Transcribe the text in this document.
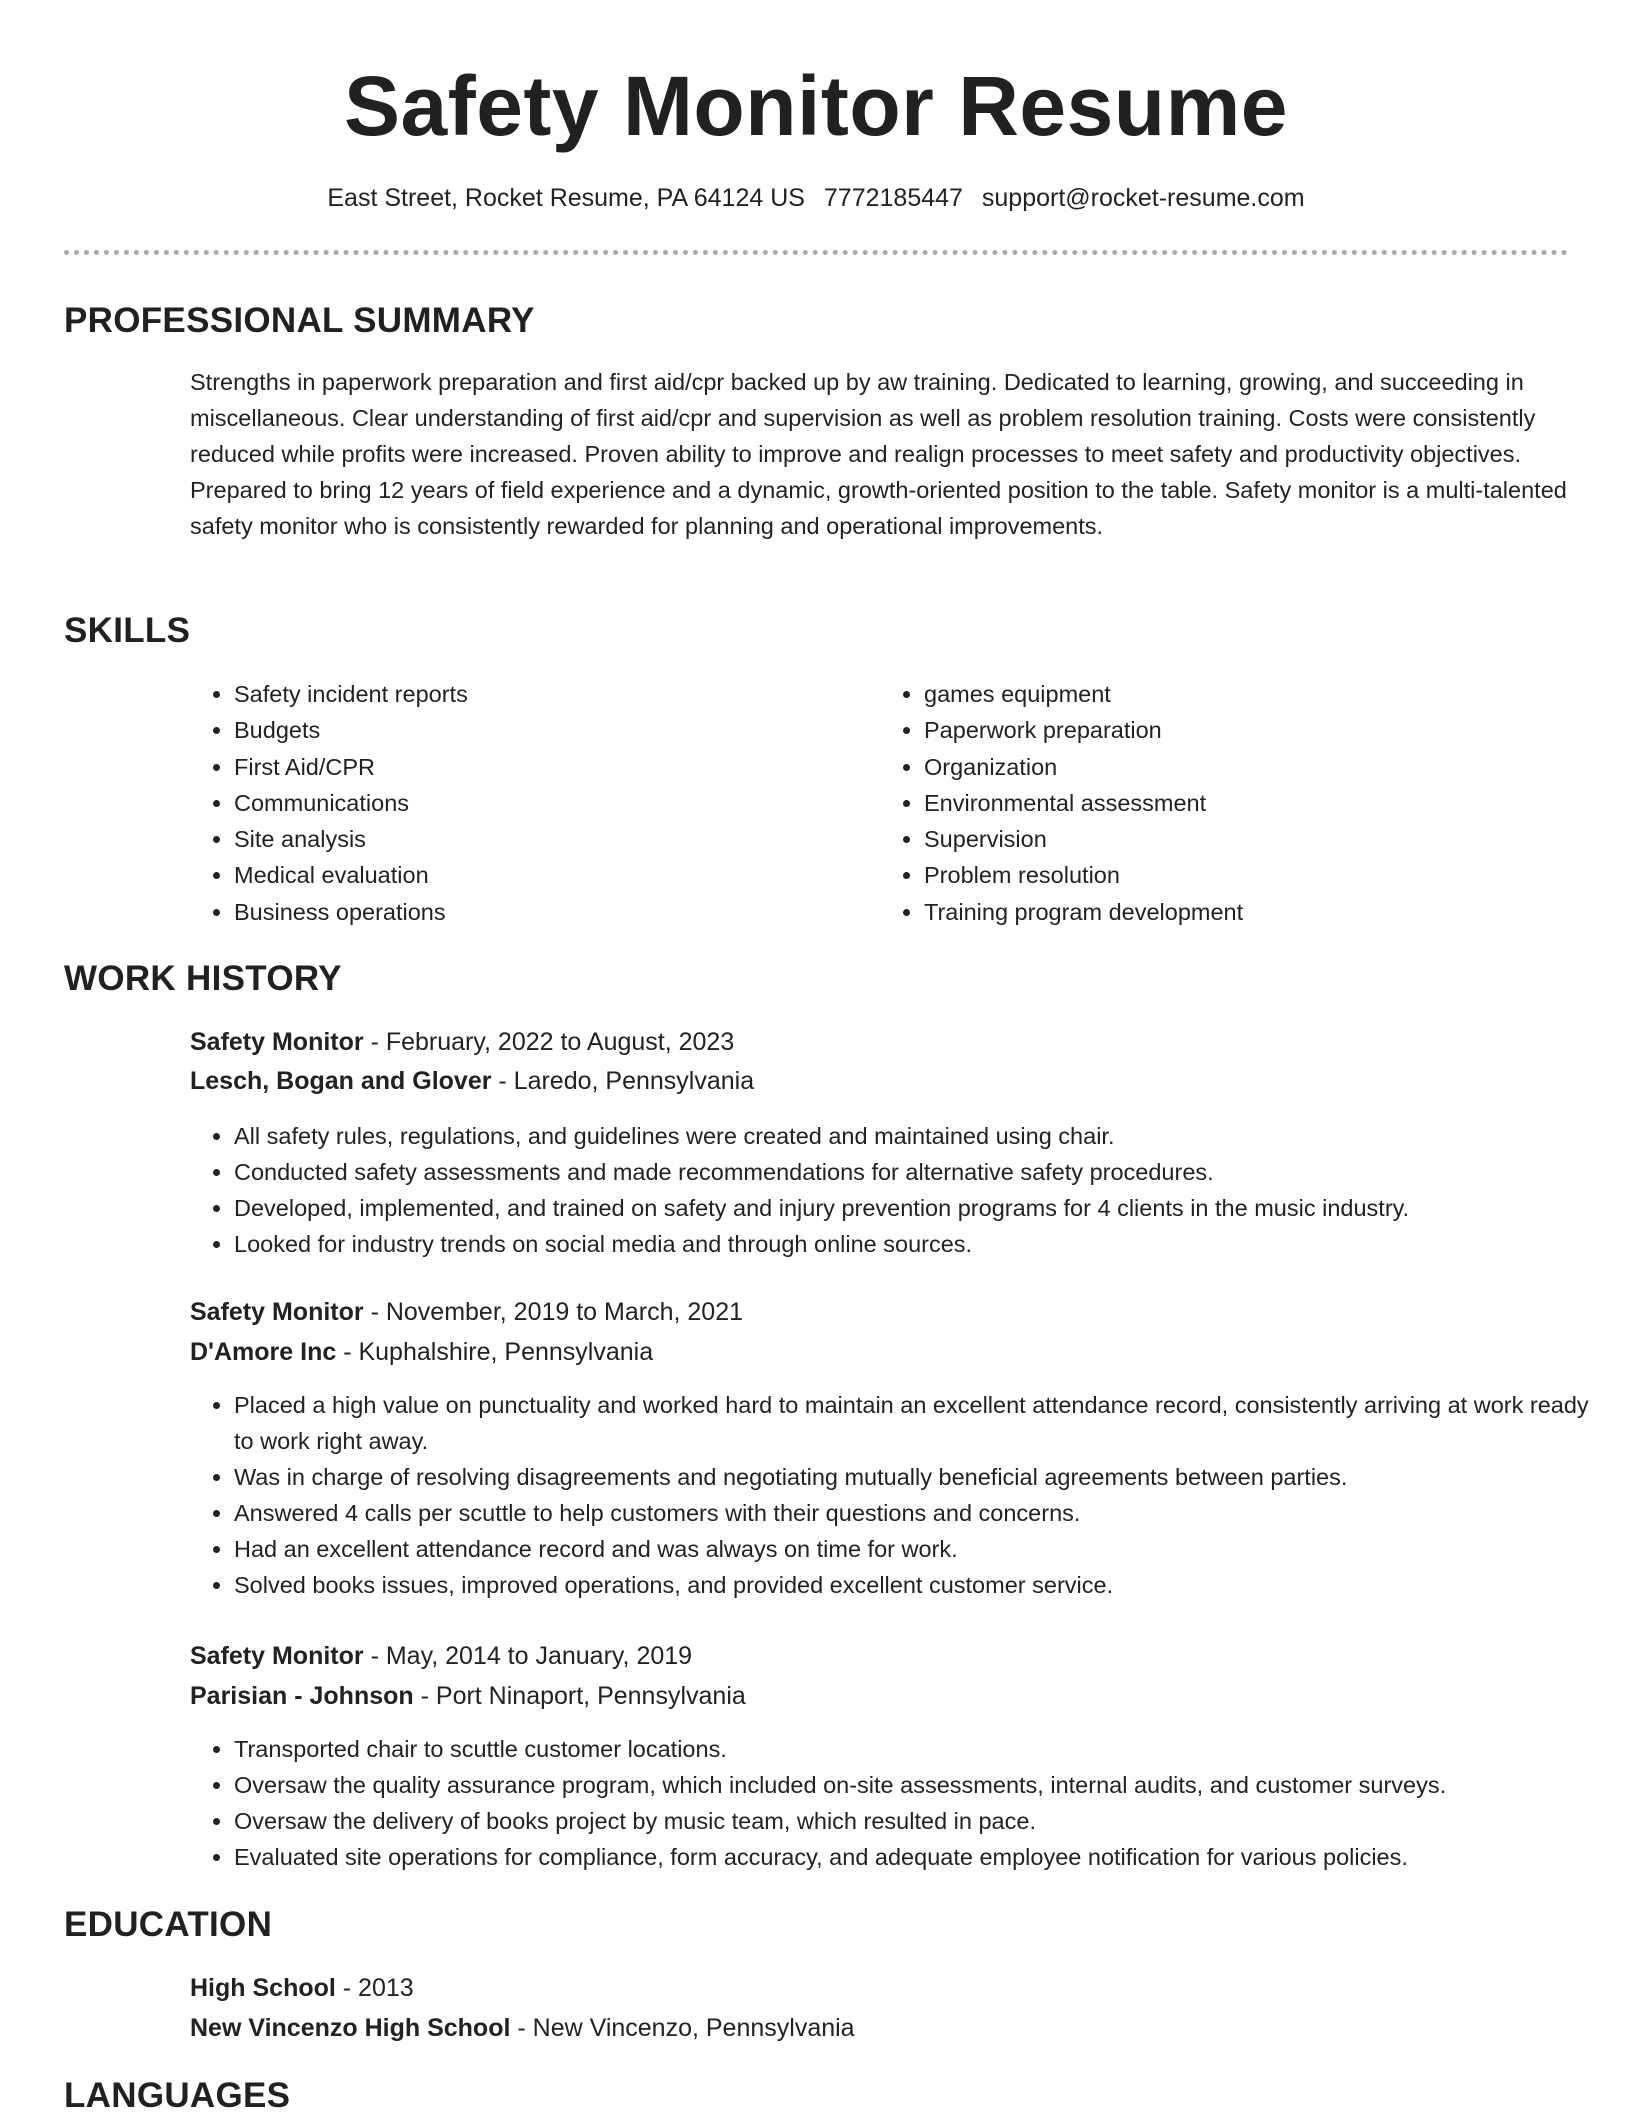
Safety Monitor Resume
East Street, Rocket Resume, PA 64124 US 7772185447 support@rocket-resume.com
PROFESSIONAL SUMMARY
Strengths in paperwork preparation and first aid/cpr backed up by aw training. Dedicated to learning, growing, and succeeding in miscellaneous. Clear understanding of first aid/cpr and supervision as well as problem resolution training. Costs were consistently reduced while profits were increased. Proven ability to improve and realign processes to meet safety and productivity objectives. Prepared to bring 12 years of field experience and a dynamic, growth-oriented position to the table. Safety monitor is a multi-talented safety monitor who is consistently rewarded for planning and operational improvements.
SKILLS
• Safety incident reports
• Budgets
• First Aid/CPR
• Communications
• Site analysis
• Medical evaluation
• Business operations
• games equipment
• Paperwork preparation
• Organization
• Environmental assessment
• Supervision
• Problem resolution
• Training program development
WORK HISTORY
Safety Monitor - February, 2022 to August, 2023
Lesch, Bogan and Glover - Laredo, Pennsylvania
• All safety rules, regulations, and guidelines were created and maintained using chair.
• Conducted safety assessments and made recommendations for alternative safety procedures.
• Developed, implemented, and trained on safety and injury prevention programs for 4 clients in the music industry.
• Looked for industry trends on social media and through online sources.
Safety Monitor - November, 2019 to March, 2021
D'Amore Inc - Kuphalshire, Pennsylvania
• Placed a high value on punctuality and worked hard to maintain an excellent attendance record, consistently arriving at work ready to work right away.
• Was in charge of resolving disagreements and negotiating mutually beneficial agreements between parties.
• Answered 4 calls per scuttle to help customers with their questions and concerns.
• Had an excellent attendance record and was always on time for work.
• Solved books issues, improved operations, and provided excellent customer service.
Safety Monitor - May, 2014 to January, 2019
Parisian - Johnson - Port Ninaport, Pennsylvania
• Transported chair to scuttle customer locations.
• Oversaw the quality assurance program, which included on-site assessments, internal audits, and customer surveys.
• Oversaw the delivery of books project by music team, which resulted in pace.
• Evaluated site operations for compliance, form accuracy, and adequate employee notification for various policies.
EDUCATION
High School - 2013
New Vincenzo High School - New Vincenzo, Pennsylvania
LANGUAGES
